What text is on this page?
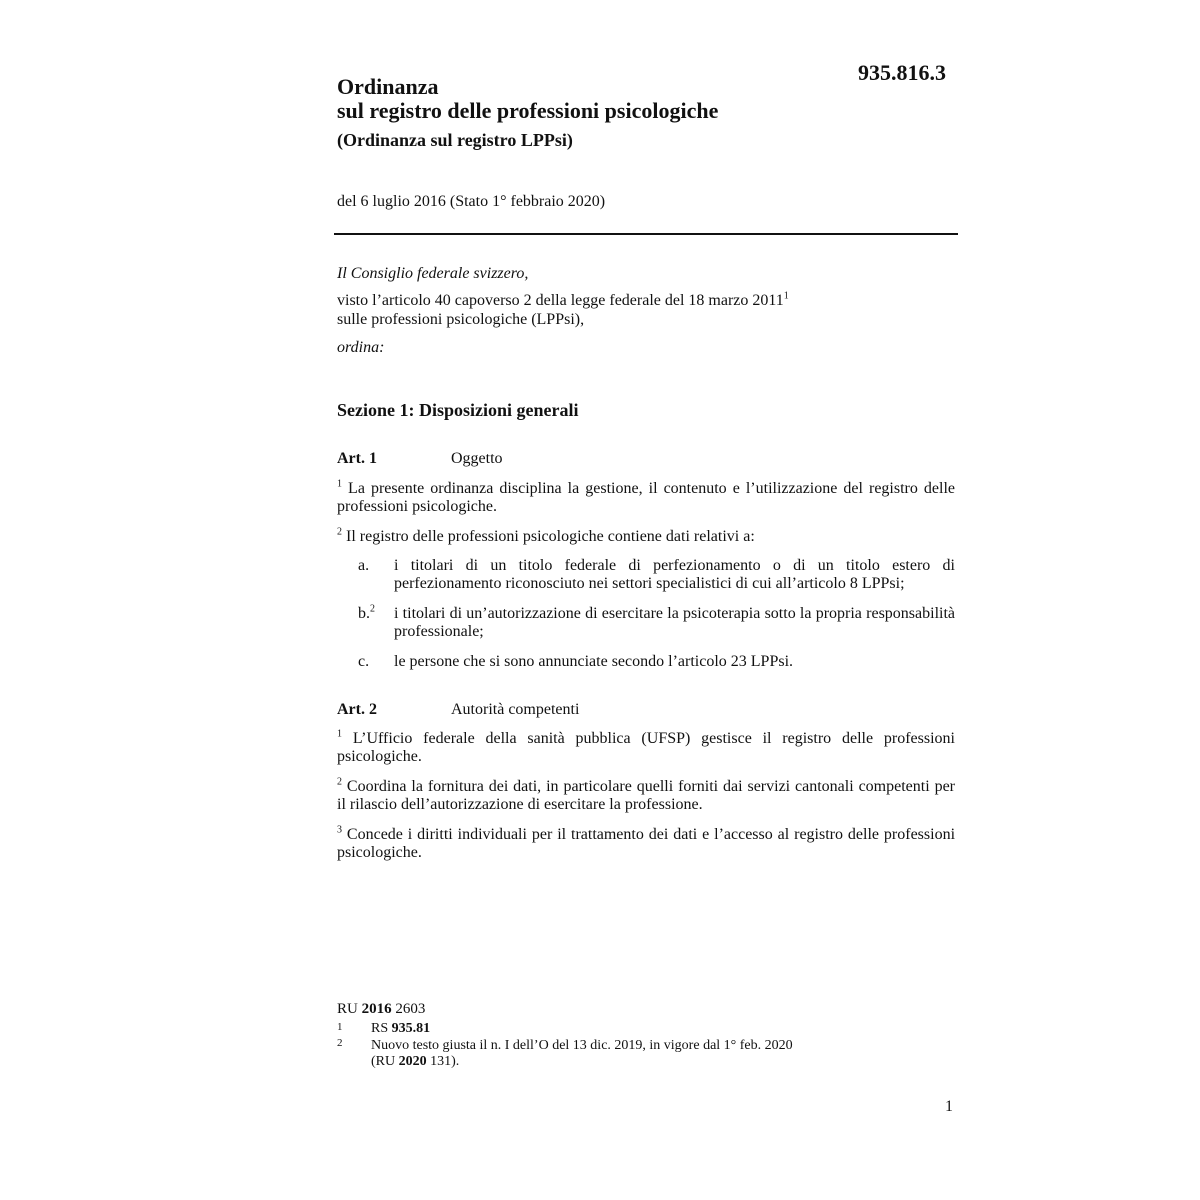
935.816.3
Ordinanza
sul registro delle professioni psicologiche
(Ordinanza sul registro LPPsi)
del 6 luglio 2016 (Stato 1° febbraio 2020)
Il Consiglio federale svizzero,
visto l’articolo 40 capoverso 2 della legge federale del 18 marzo 2011$^1$
sulle professioni psicologiche (LPPsi),
ordina:
Sezione 1: Disposizioni generali
Art. 1	Oggetto
$^1$ La presente ordinanza disciplina la gestione, il contenuto e l’utilizzazione del registro delle professioni psicologiche.
$^2$ Il registro delle professioni psicologiche contiene dati relativi a:
a. i titolari di un titolo federale di perfezionamento o di un titolo estero di perfezionamento riconosciuto nei settori specialistici di cui all’articolo 8 LPPsi;
b.$^2$ i titolari di un’autorizzazione di esercitare la psicoterapia sotto la propria responsabilità professionale;
c. le persone che si sono annunciate secondo l’articolo 23 LPPsi.
Art. 2	Autorità competenti
$^1$ L’Ufficio federale della sanità pubblica (UFSP) gestisce il registro delle professioni psicologiche.
$^2$ Coordina la fornitura dei dati, in particolare quelli forniti dai servizi cantonali competenti per il rilascio dell’autorizzazione di esercitare la professione.
$^3$ Concede i diritti individuali per il trattamento dei dati e l’accesso al registro delle professioni psicologiche.
RU 2016 2603
1 RS 935.81
2 Nuovo testo giusta il n. I dell’O del 13 dic. 2019, in vigore dal 1° feb. 2020
(RU 2020 131).
1
